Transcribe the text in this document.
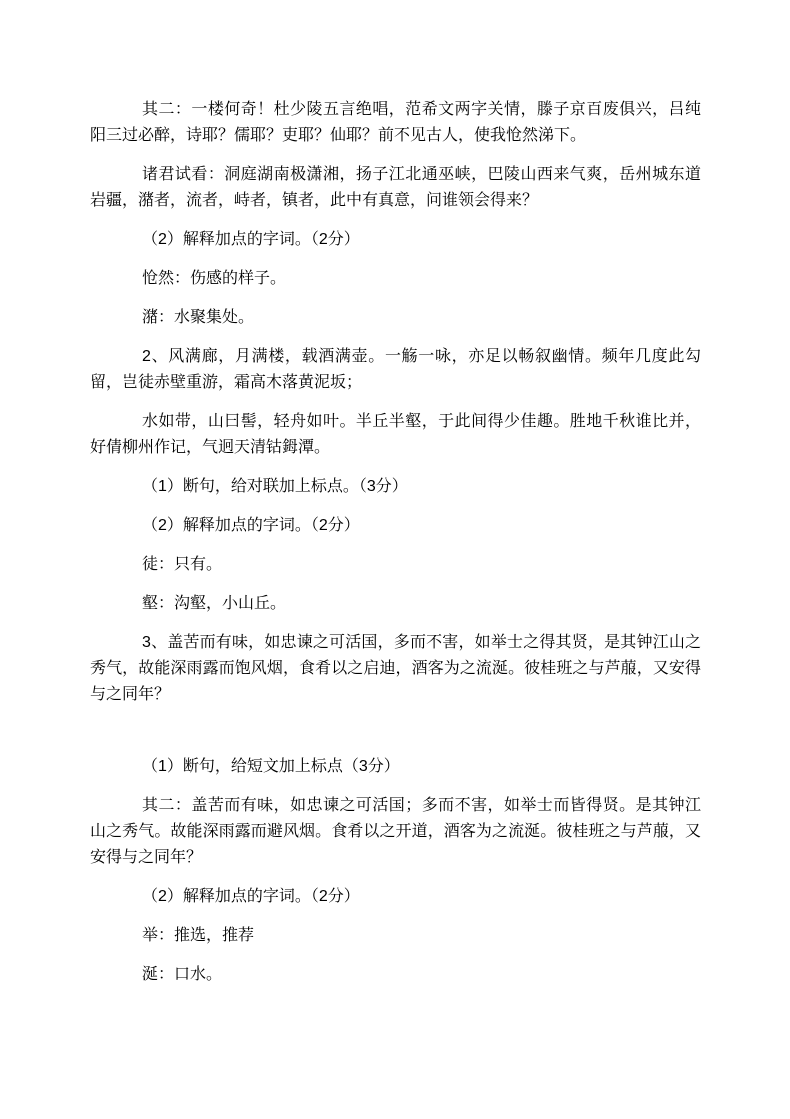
其二：一楼何奇！杜少陵五言绝唱，范希文两字关情，滕子京百废俱兴，吕纯阳三过必醉，诗耶？儒耶？吏耶？仙耶？前不见古人，使我怆然涕下。

诸君试看：洞庭湖南极潇湘，扬子江北通巫峡，巴陵山西来气爽，岳州城东道岩疆，潴者，流者，峙者，镇者，此中有真意，问谁领会得来？

（2）解释加点的字词。（2分）

怆然：伤感的样子。

潴：水聚集处。

2、风满廊，月满楼，载酒满壶。一觞一咏，亦足以畅叙幽情。频年几度此勾留，岂徒赤壁重游，霜高木落黄泥坂；

水如带，山曰髻，轻舟如叶。半丘半壑，于此间得少佳趣。胜地千秋谁比并，好倩柳州作记，气迥天清钴鉧潭。

（1）断句，给对联加上标点。（3分）

（2）解释加点的字词。（2分）

徒：只有。

壑：沟壑，小山丘。

3、盖苦而有味，如忠谏之可活国，多而不害，如举士之得其贤，是其钟江山之秀气，故能深雨露而饱风烟，食肴以之启迪，酒客为之流涎。彼桂班之与芦菔，又安得与之同年？

（1）断句，给短文加上标点（3分）

其二：盖苦而有味，如忠谏之可活国；多而不害，如举士而皆得贤。是其钟江山之秀气。故能深雨露而避风烟。食肴以之开道，酒客为之流涎。彼桂班之与芦菔，又安得与之同年？

（2）解释加点的字词。（2分）

举：推选，推荐

涎：口水。
